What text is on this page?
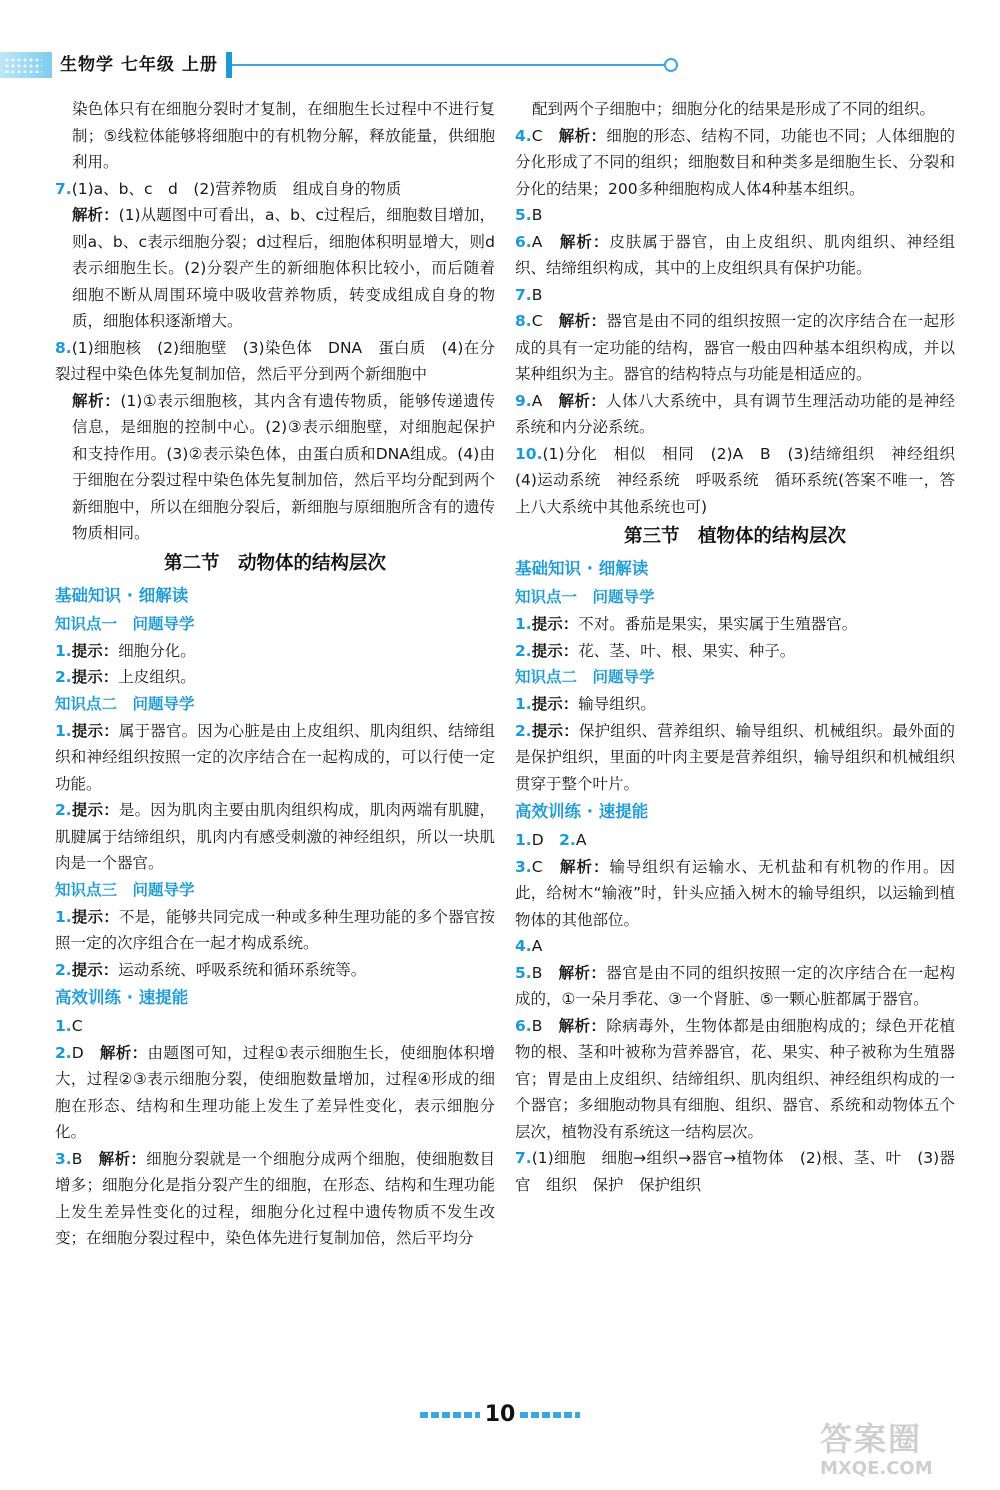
生物学 七年级 上册
染色体只有在细胞分裂时才复制，在细胞生长过程中不进行复制；⑤线粒体能够将细胞中的有机物分解，释放能量，供细胞利用。
7.(1)a、b、c　d　(2)营养物质　组成自身的物质
解析：(1)从题图中可看出，a、b、c过程后，细胞数目增加，则a、b、c表示细胞分裂；d过程后，细胞体积明显增大，则d表示细胞生长。(2)分裂产生的新细胞体积比较小，而后随着细胞不断从周围环境中吸收营养物质，转变成组成自身的物质，细胞体积逐渐增大。
8.(1)细胞核　(2)细胞壁　(3)染色体　DNA　蛋白质　(4)在分裂过程中染色体先复制加倍，然后平分到两个新细胞中
解析：(1)①表示细胞核，其内含有遗传物质，能够传递遗传信息，是细胞的控制中心。(2)③表示细胞壁，对细胞起保护和支持作用。(3)②表示染色体，由蛋白质和DNA组成。(4)由于细胞在分裂过程中染色体先复制加倍，然后平均分配到两个新细胞中，所以在细胞分裂后，新细胞与原细胞所含有的遗传物质相同。
第二节　动物体的结构层次
基础知识 · 细解读
知识点一　问题导学
1.提示：细胞分化。
2.提示：上皮组织。
知识点二　问题导学
1.提示：属于器官。因为心脏是由上皮组织、肌肉组织、结缔组织和神经组织按照一定的次序结合在一起构成的，可以行使一定功能。
2.提示：是。因为肌肉主要由肌肉组织构成，肌肉两端有肌腱，肌腱属于结缔组织，肌肉内有感受刺激的神经组织，所以一块肌肉是一个器官。
知识点三　问题导学
1.提示：不是，能够共同完成一种或多种生理功能的多个器官按照一定的次序组合在一起才构成系统。
2.提示：运动系统、呼吸系统和循环系统等。
高效训练 · 速提能
1.C
2.D　解析：由题图可知，过程①表示细胞生长，使细胞体积增大，过程②③表示细胞分裂，使细胞数量增加，过程④形成的细胞在形态、结构和生理功能上发生了差异性变化，表示细胞分化。
3.B　解析：细胞分裂就是一个细胞分成两个细胞，使细胞数目增多；细胞分化是指分裂产生的细胞，在形态、结构和生理功能上发生差异性变化的过程，细胞分化过程中遗传物质不发生改变；在细胞分裂过程中，染色体先进行复制加倍，然后平均分
配到两个子细胞中；细胞分化的结果是形成了不同的组织。
4.C　解析：细胞的形态、结构不同，功能也不同；人体细胞的分化形成了不同的组织；细胞数目和种类多是细胞生长、分裂和分化的结果；200多种细胞构成人体4种基本组织。
5.B
6.A　解析：皮肤属于器官，由上皮组织、肌肉组织、神经组织、结缔组织构成，其中的上皮组织具有保护功能。
7.B
8.C　解析：器官是由不同的组织按照一定的次序结合在一起形成的具有一定功能的结构，器官一般由四种基本组织构成，并以某种组织为主。器官的结构特点与功能是相适应的。
9.A　解析：人体八大系统中，具有调节生理活动功能的是神经系统和内分泌系统。
10.(1)分化　相似　相同　(2)A　B　(3)结缔组织　神经组织　(4)运动系统　神经系统　呼吸系统　循环系统(答案不唯一，答上八大系统中其他系统也可)
第三节　植物体的结构层次
基础知识 · 细解读
知识点一　问题导学
1.提示：不对。番茄是果实，果实属于生殖器官。
2.提示：花、茎、叶、根、果实、种子。
知识点二　问题导学
1.提示：输导组织。
2.提示：保护组织、营养组织、输导组织、机械组织。最外面的是保护组织，里面的叶肉主要是营养组织，输导组织和机械组织贯穿于整个叶片。
高效训练 · 速提能
1.D　2.A
3.C　解析：输导组织有运输水、无机盐和有机物的作用。因此，给树木“输液”时，针头应插入树木的输导组织，以运输到植物体的其他部位。
4.A
5.B　解析：器官是由不同的组织按照一定的次序结合在一起构成的，①一朵月季花、③一个肾脏、⑤一颗心脏都属于器官。
6.B　解析：除病毒外，生物体都是由细胞构成的；绿色开花植物的根、茎和叶被称为营养器官，花、果实、种子被称为生殖器官；胃是由上皮组织、结缔组织、肌肉组织、神经组织构成的一个器官；多细胞动物具有细胞、组织、器官、系统和动物体五个层次，植物没有系统这一结构层次。
7.(1)细胞　细胞→组织→器官→植物体　(2)根、茎、叶　(3)器官　组织　保护　保护组织
10
答案圈
MXQE.COM
